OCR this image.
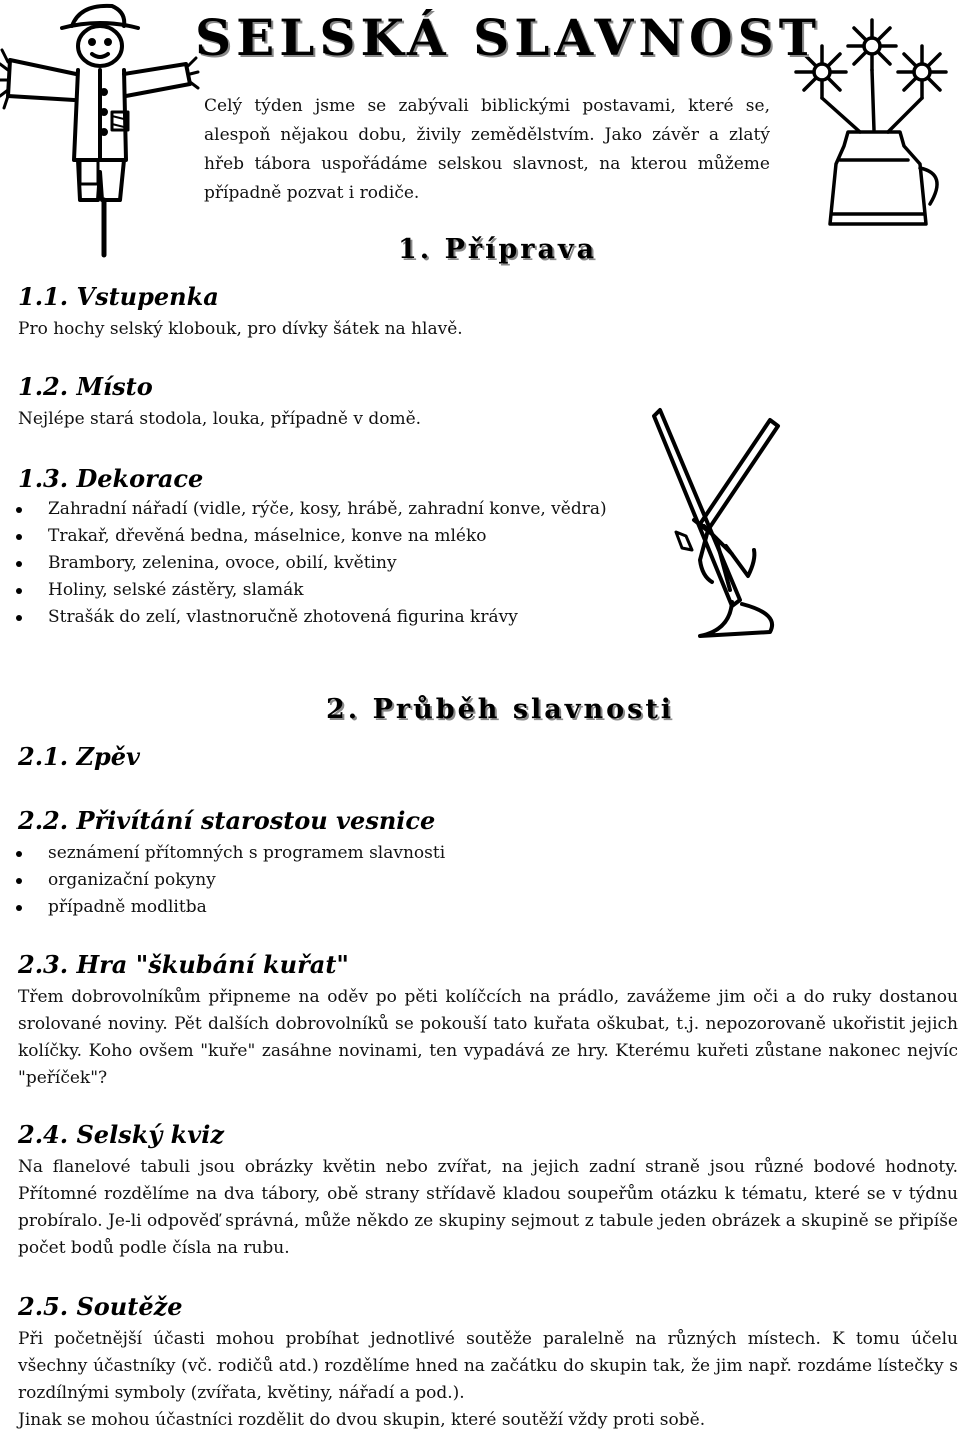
SELSKÁ SLAVNOST
Celý týden jsme se zabývali biblickými postavami, které se, alespoň nějakou dobu, živily zemědělstvím. Jako závěr a zlatý hřeb tábora uspořádáme selskou slavnost, na kterou můžeme případně pozvat i rodiče.
1. Příprava
1.1. Vstupenka
Pro hochy selský klobouk, pro dívky šátek na hlavě.
1.2. Místo
Nejlépe stará stodola, louka, případně v domě.
1.3. Dekorace
Zahradní nářadí (vidle, rýče, kosy, hrábě, zahradní konve, vědra)
Trakař, dřevěná bedna, máselnice, konve na mléko
Brambory, zelenina, ovoce, obilí, květiny
Holiny, selské zástěry, slamák
Strašák do zelí, vlastnoručně zhotovená figurina krávy
2. Průběh slavnosti
2.1. Zpěv
2.2. Přivítání starostou vesnice
seznámení přítomných s programem slavnosti
organizační pokyny
případně modlitba
2.3. Hra "škubání kuřat"
Třem dobrovolníkům připneme na oděv po pěti kolíčcích na prádlo, zavážeme jim oči a do ruky dostanou srolované noviny. Pět dalších dobrovolníků se pokouší tato kuřata oškubat, t.j. nepozorovaně ukořistit jejich kolíčky. Koho ovšem "kuře" zasáhne novinami, ten vypadává ze hry. Kterému kuřeti zůstane nakonec nejvíc "peříček"?
2.4. Selský kviz
Na flanelové tabuli jsou obrázky květin nebo zvířat, na jejich zadní straně jsou různé bodové hodnoty. Přítomné rozdělíme na dva tábory, obě strany střídavě kladou soupeřům otázku k tématu, které se v týdnu probíralo. Je-li odpověď správná, může někdo ze skupiny sejmout z tabule jeden obrázek a skupině se připíše počet bodů podle čísla na rubu.
2.5. Soutěže
Při početnější účasti mohou probíhat jednotlivé soutěže paralelně na různých místech. K tomu účelu všechny účastníky (vč. rodičů atd.) rozdělíme hned na začátku do skupin tak, že jim např. rozdáme lístečky s rozdílnými symboly (zvířata, květiny, nářadí a pod.).
Jinak se mohou účastníci rozdělit do dvou skupin, které soutěží vždy proti sobě.
